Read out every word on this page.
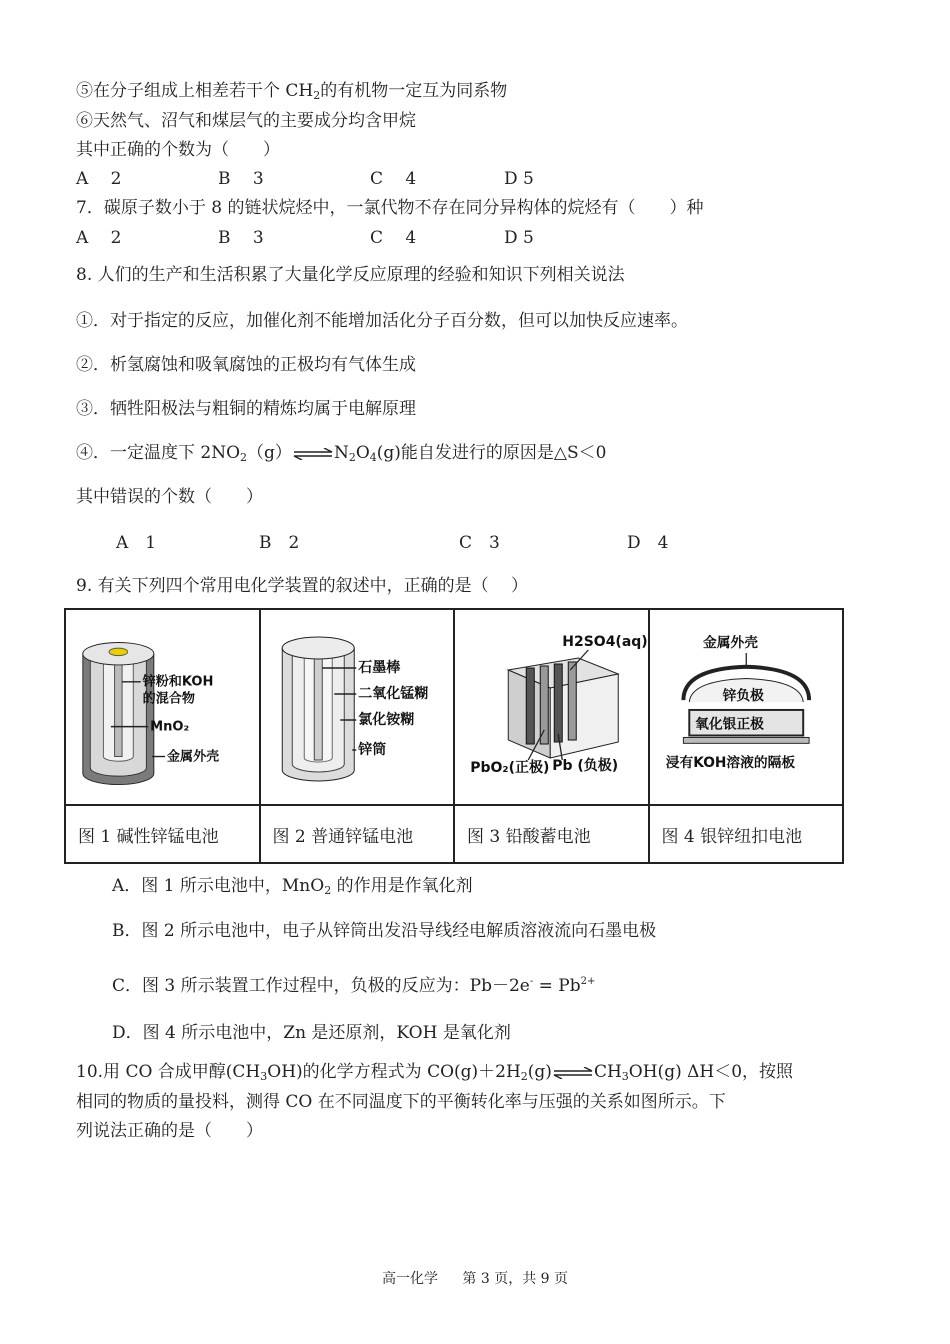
⑤在分子组成上相差若干个 $CH_2$的有机物一定互为同系物
⑥天然气、沼气和煤层气的主要成分均含甲烷
其中正确的个数为（　　）
A　 2	B　 3	C　 4	D 5
7．碳原子数小于 8 的链状烷烃中，一氯代物不存在同分异构体的烷烃有（　　）种
A　 2	B　 3	C　 4	D 5
8. 人们的生产和生活积累了大量化学反应原理的经验和知识下列相关说法
①．对于指定的反应，加催化剂不能增加活化分子百分数，但可以加快反应速率。
②．析氢腐蚀和吸氧腐蚀的正极均有气体生成
③．牺牲阳极法与粗铜的精炼均属于电解原理
④．一定温度下 $2NO_2(g)\rightleftharpoons N_2O_4(g)$能自发进行的原因是△S＜0
其中错误的个数（　　）
A　1	B　2	C　3	D　4
9. 有关下列四个常用电化学装置的叙述中，正确的是（　 ）
锌粉和KOH
的混合物
MnO₂
金属外壳	石墨棒
二氧化锰糊
氯化铵糊
锌筒	H2SO4(aq)
PbO₂(正极) Pb (负极)	金属外壳
锌负极
氧化银正极
浸有KOH溶液的隔板

图 1 碱性锌锰电池	图 2 普通锌锰电池	图 3 铅酸蓄电池	图 4 银锌纽扣电池
A．图 1 所示电池中，MnO$_2$ 的作用是作氧化剂
B．图 2 所示电池中，电子从锌筒出发沿导线经电解质溶液流向石墨电极
C．图 3 所示装置工作过程中，负极的反应为：$Pb-2e^- = Pb^{2+}$
D．图 4 所示电池中，Zn 是还原剂，KOH 是氧化剂
10.用 CO 合成甲醇$(CH_3OH)$的化学方程式为 $CO(g)+2H_2(g)\rightleftharpoons CH_3OH(g)$ ΔH＜0，按照
相同的物质的量投料，测得 CO 在不同温度下的平衡转化率与压强的关系如图所示。下
列说法正确的是（　　）
高一化学 第 3 页，共 9 页
